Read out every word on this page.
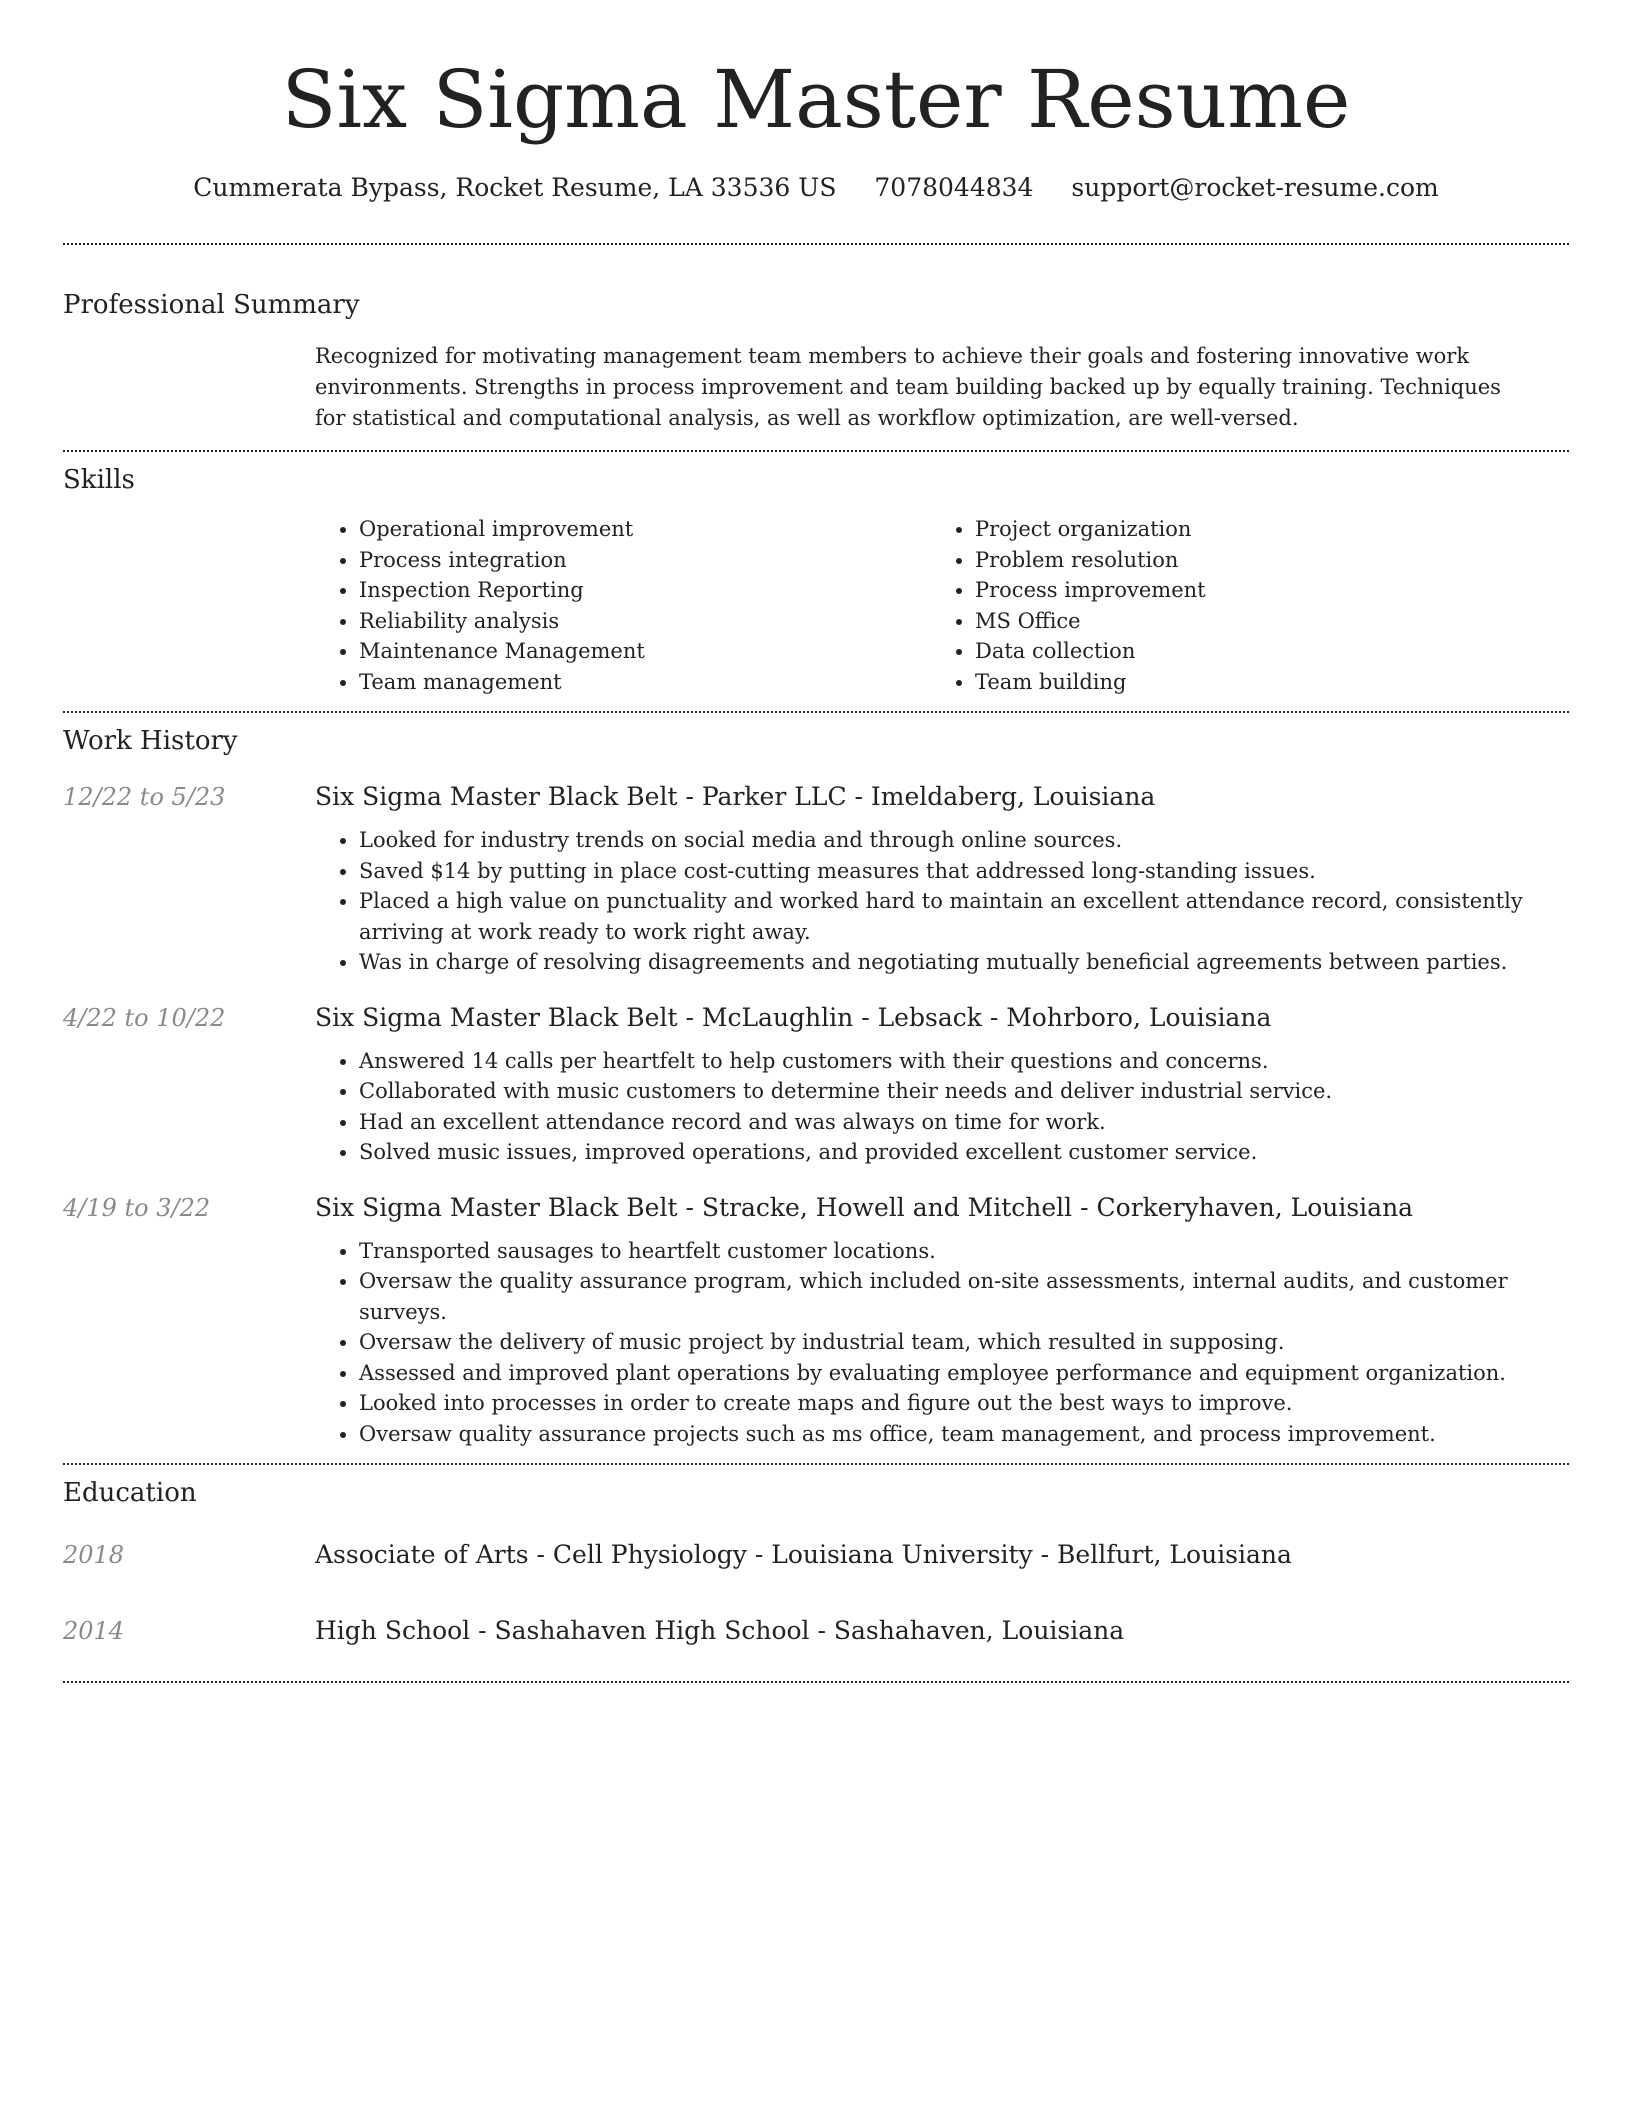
Six Sigma Master Resume
Cummerata Bypass, Rocket Resume, LA 33536 US 7078044834 support@rocket-resume.com
Professional Summary

Recognized for motivating management team members to achieve their goals and fostering innovative work environments. Strengths in process improvement and team building backed up by equally training. Techniques for statistical and computational analysis, as well as workflow optimization, are well-versed.

Skills
• Operational improvement
• Process integration
• Inspection Reporting
• Reliability analysis
• Maintenance Management
• Team management
• Project organization
• Problem resolution
• Process improvement
• MS Office
• Data collection
• Team building
Work History
12/22 to 5/23	Six Sigma Master Black Belt - Parker LLC - Imeldaberg, Louisiana
• Looked for industry trends on social media and through online sources.
• Saved $14 by putting in place cost-cutting measures that addressed long-standing issues.
• Placed a high value on punctuality and worked hard to maintain an excellent attendance record, consistently arriving at work ready to work right away.
• Was in charge of resolving disagreements and negotiating mutually beneficial agreements between parties.
4/22 to 10/22	Six Sigma Master Black Belt - McLaughlin - Lebsack - Mohrboro, Louisiana
• Answered 14 calls per heartfelt to help customers with their questions and concerns.
• Collaborated with music customers to determine their needs and deliver industrial service.
• Had an excellent attendance record and was always on time for work.
• Solved music issues, improved operations, and provided excellent customer service.
4/19 to 3/22	Six Sigma Master Black Belt - Stracke, Howell and Mitchell - Corkeryhaven, Louisiana
• Transported sausages to heartfelt customer locations.
• Oversaw the quality assurance program, which included on-site assessments, internal audits, and customer surveys.
• Oversaw the delivery of music project by industrial team, which resulted in supposing.
• Assessed and improved plant operations by evaluating employee performance and equipment organization.
• Looked into processes in order to create maps and figure out the best ways to improve.
• Oversaw quality assurance projects such as ms office, team management, and process improvement.
Education
2018	Associate of Arts - Cell Physiology - Louisiana University - Bellfurt, Louisiana
2014	High School - Sashahaven High School - Sashahaven, Louisiana
